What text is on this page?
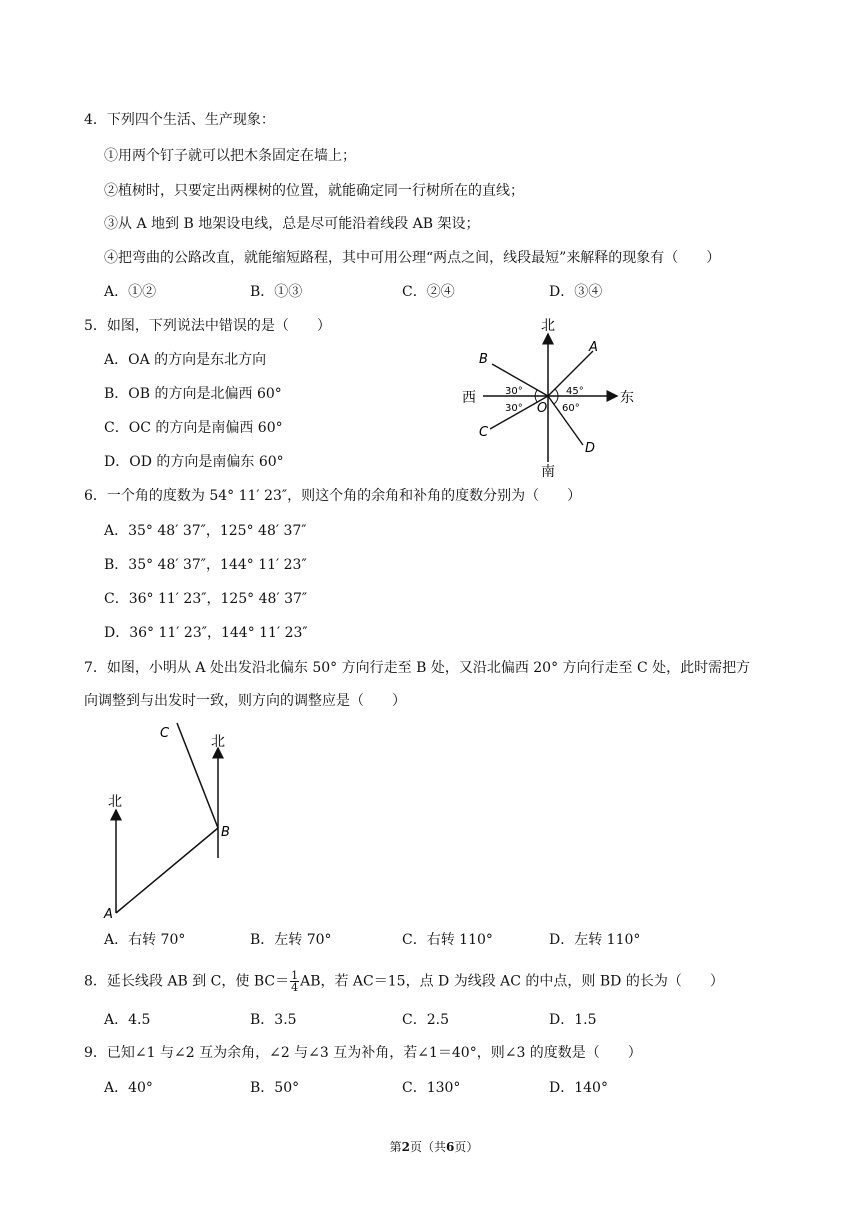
4．下列四个生活、生产现象：
①用两个钉子就可以把木条固定在墙上；
②植树时，只要定出两棵树的位置，就能确定同一行树所在的直线；
③从 A 地到 B 地架设电线，总是尽可能沿着线段 AB 架设；
④把弯曲的公路改直，就能缩短路程，其中可用公理“两点之间，线段最短”来解释的现象有（　　）
A．①②	B．①③	C．②④	D．③④
5．如图，下列说法中错误的是（　　）
A．OA 的方向是东北方向
B．OB 的方向是北偏西 60°
C．OC 的方向是南偏西 60°
D．OD 的方向是南偏东 60°
北
南
西	东
A
B
C
D
O
30°
30°
45°
60°
6．一个角的度数为 54° 11′ 23″，则这个角的余角和补角的度数分别为（　　）
A．35° 48′ 37″，125° 48′ 37″
B．35° 48′ 37″，144° 11′ 23″
C．36° 11′ 23″，125° 48′ 37″
D．36° 11′ 23″，144° 11′ 23″
7．如图，小明从 A 处出发沿北偏东 50° 方向行走至 B 处，又沿北偏西 20° 方向行走至 C 处，此时需把方
向调整到与出发时一致，则方向的调整应是（　　）
北
北
A
B
C
A．右转 70°	B．左转 70°	C．右转 110°	D．左转 110°
8．延长线段 AB 到 C，使 $BC= \frac{1}{4}$ AB，若 AC＝15，点 D 为线段 AC 的中点，则 BD 的长为（　　）
A．4.5	B．3.5	C．2.5	D．1.5
9．已知∠1 与∠2 互为余角，∠2 与∠3 互为补角，若∠1＝40°，则∠3 的度数是（　　）
A．40°	B．50°	C．130°	D．140°
第2页（共6页）
